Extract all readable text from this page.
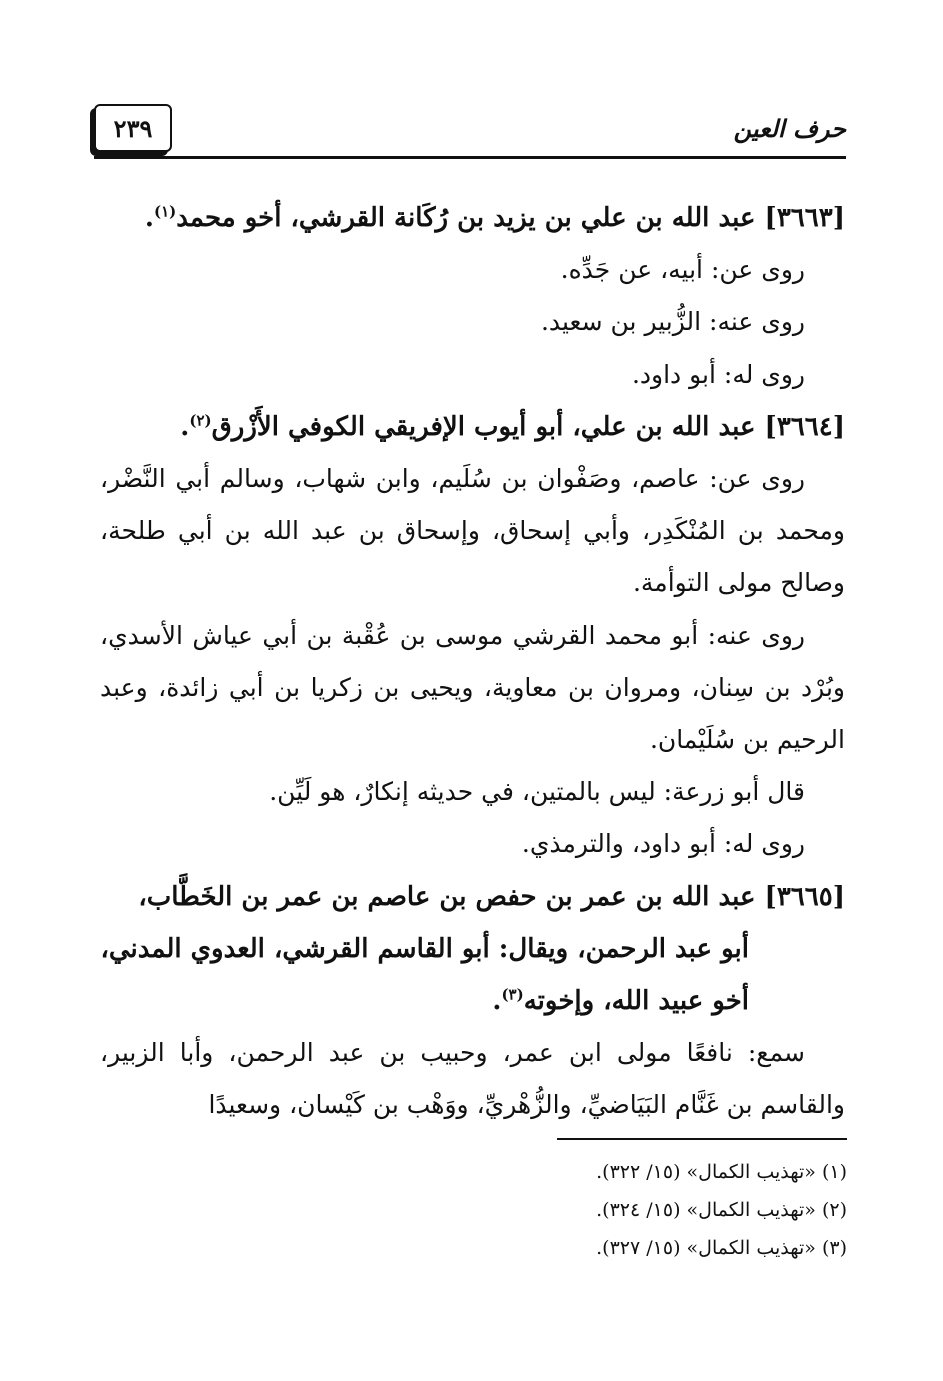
حرف العين
٢٣٩

[٣٦٦٣] عبد الله بن علي بن يزيد بن رُكَانة القرشي، أخو محمد$^{(١)}$.

روى عن: أبيه، عن جَدِّه.

روى عنه: الزُّبير بن سعيد.

روى له: أبو داود.

[٣٦٦٤] عبد الله بن علي، أبو أيوب الإفريقي الكوفي الأَزْرق$^{(٢)}$.

روى عن: عاصم، وصَفْوان بن سُلَيم، وابن شهاب، وسالم أبي النَّضْر، ومحمد بن المُنْكَدِر، وأبي إسحاق، وإسحاق بن عبد الله بن أبي طلحة، وصالح مولى التوأمة.

روى عنه: أبو محمد القرشي موسى بن عُقْبة بن أبي عياش الأسدي، وبُرْد بن سِنان، ومروان بن معاوية، ويحيى بن زكريا بن أبي زائدة، وعبد الرحيم بن سُلَيْمان.

قال أبو زرعة: ليس بالمتين، في حديثه إنكارٌ، هو لَيِّن.

روى له: أبو داود، والترمذي.

[٣٦٦٥] عبد الله بن عمر بن حفص بن عاصم بن عمر بن الخَطَّاب،

أبو عبد الرحمن، ويقال: أبو القاسم القرشي، العدوي المدني،

أخو عبيد الله، وإخوته$^{(٣)}$.

سمع: نافعًا مولى ابن عمر، وحبيب بن عبد الرحمن، وأبا الزبير، والقاسم بن غَنَّام البَيَاضيِّ، والزُّهْريِّ، ووَهْب بن كَيْسان، وسعيدًا

(١) «تهذيب الكمال» (١٥/ ٣٢٢).

(٢) «تهذيب الكمال» (١٥/ ٣٢٤).

(٣) «تهذيب الكمال» (١٥/ ٣٢٧).
